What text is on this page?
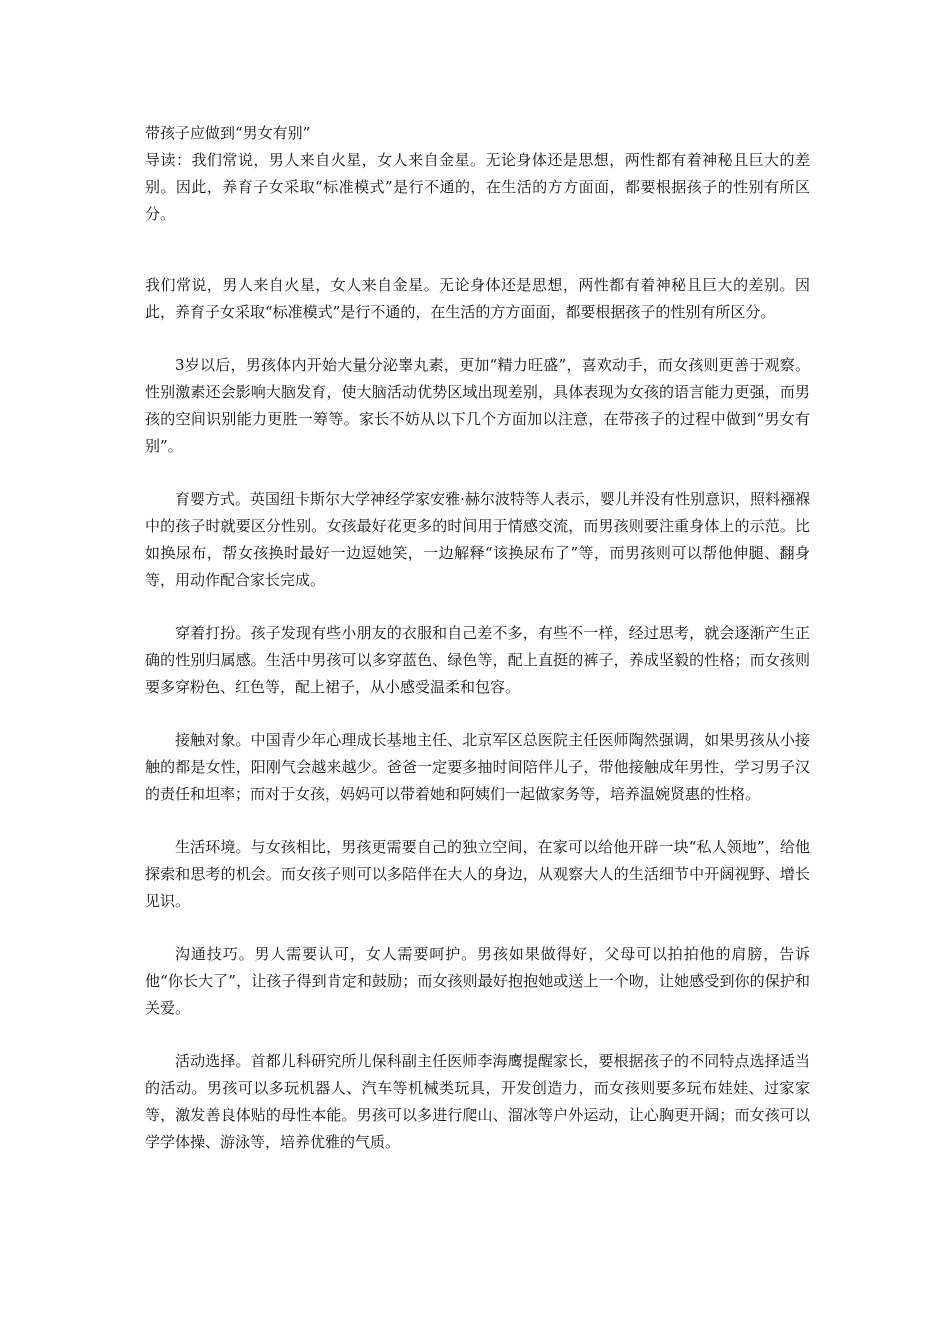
带孩子应做到“男女有别”

导读：我们常说，男人来自火星，女人来自金星。无论身体还是思想，两性都有着神秘且巨大的差别。因此，养育子女采取“标准模式”是行不通的，在生活的方方面面，都要根据孩子的性别有所区分。

我们常说，男人来自火星，女人来自金星。无论身体还是思想，两性都有着神秘且巨大的差别。因此，养育子女采取“标准模式”是行不通的，在生活的方方面面，都要根据孩子的性别有所区分。

3岁以后，男孩体内开始大量分泌睾丸素，更加“精力旺盛”，喜欢动手，而女孩则更善于观察。性别激素还会影响大脑发育，使大脑活动优势区域出现差别，具体表现为女孩的语言能力更强，而男孩的空间识别能力更胜一筹等。家长不妨从以下几个方面加以注意，在带孩子的过程中做到“男女有别”。

育婴方式。英国纽卡斯尔大学神经学家安雅·赫尔波特等人表示，婴儿并没有性别意识，照料襁褓中的孩子时就要区分性别。女孩最好花更多的时间用于情感交流，而男孩则要注重身体上的示范。比如换尿布，帮女孩换时最好一边逗她笑，一边解释“该换尿布了”等，而男孩则可以帮他伸腿、翻身等，用动作配合家长完成。

穿着打扮。孩子发现有些小朋友的衣服和自己差不多，有些不一样，经过思考，就会逐渐产生正确的性别归属感。生活中男孩可以多穿蓝色、绿色等，配上直挺的裤子，养成坚毅的性格；而女孩则要多穿粉色、红色等，配上裙子，从小感受温柔和包容。

接触对象。中国青少年心理成长基地主任、北京军区总医院主任医师陶然强调，如果男孩从小接触的都是女性，阳刚气会越来越少。爸爸一定要多抽时间陪伴儿子，带他接触成年男性，学习男子汉的责任和坦率；而对于女孩，妈妈可以带着她和阿姨们一起做家务等，培养温婉贤惠的性格。

生活环境。与女孩相比，男孩更需要自己的独立空间，在家可以给他开辟一块“私人领地”，给他探索和思考的机会。而女孩子则可以多陪伴在大人的身边，从观察大人的生活细节中开阔视野、增长见识。

沟通技巧。男人需要认可，女人需要呵护。男孩如果做得好，父母可以拍拍他的肩膀，告诉他“你长大了”，让孩子得到肯定和鼓励；而女孩则最好抱抱她或送上一个吻，让她感受到你的保护和关爱。

活动选择。首都儿科研究所儿保科副主任医师李海鹰提醒家长，要根据孩子的不同特点选择适当的活动。男孩可以多玩机器人、汽车等机械类玩具，开发创造力，而女孩则要多玩布娃娃、过家家等，激发善良体贴的母性本能。男孩可以多进行爬山、溜冰等户外运动，让心胸更开阔；而女孩可以学学体操、游泳等，培养优雅的气质。
